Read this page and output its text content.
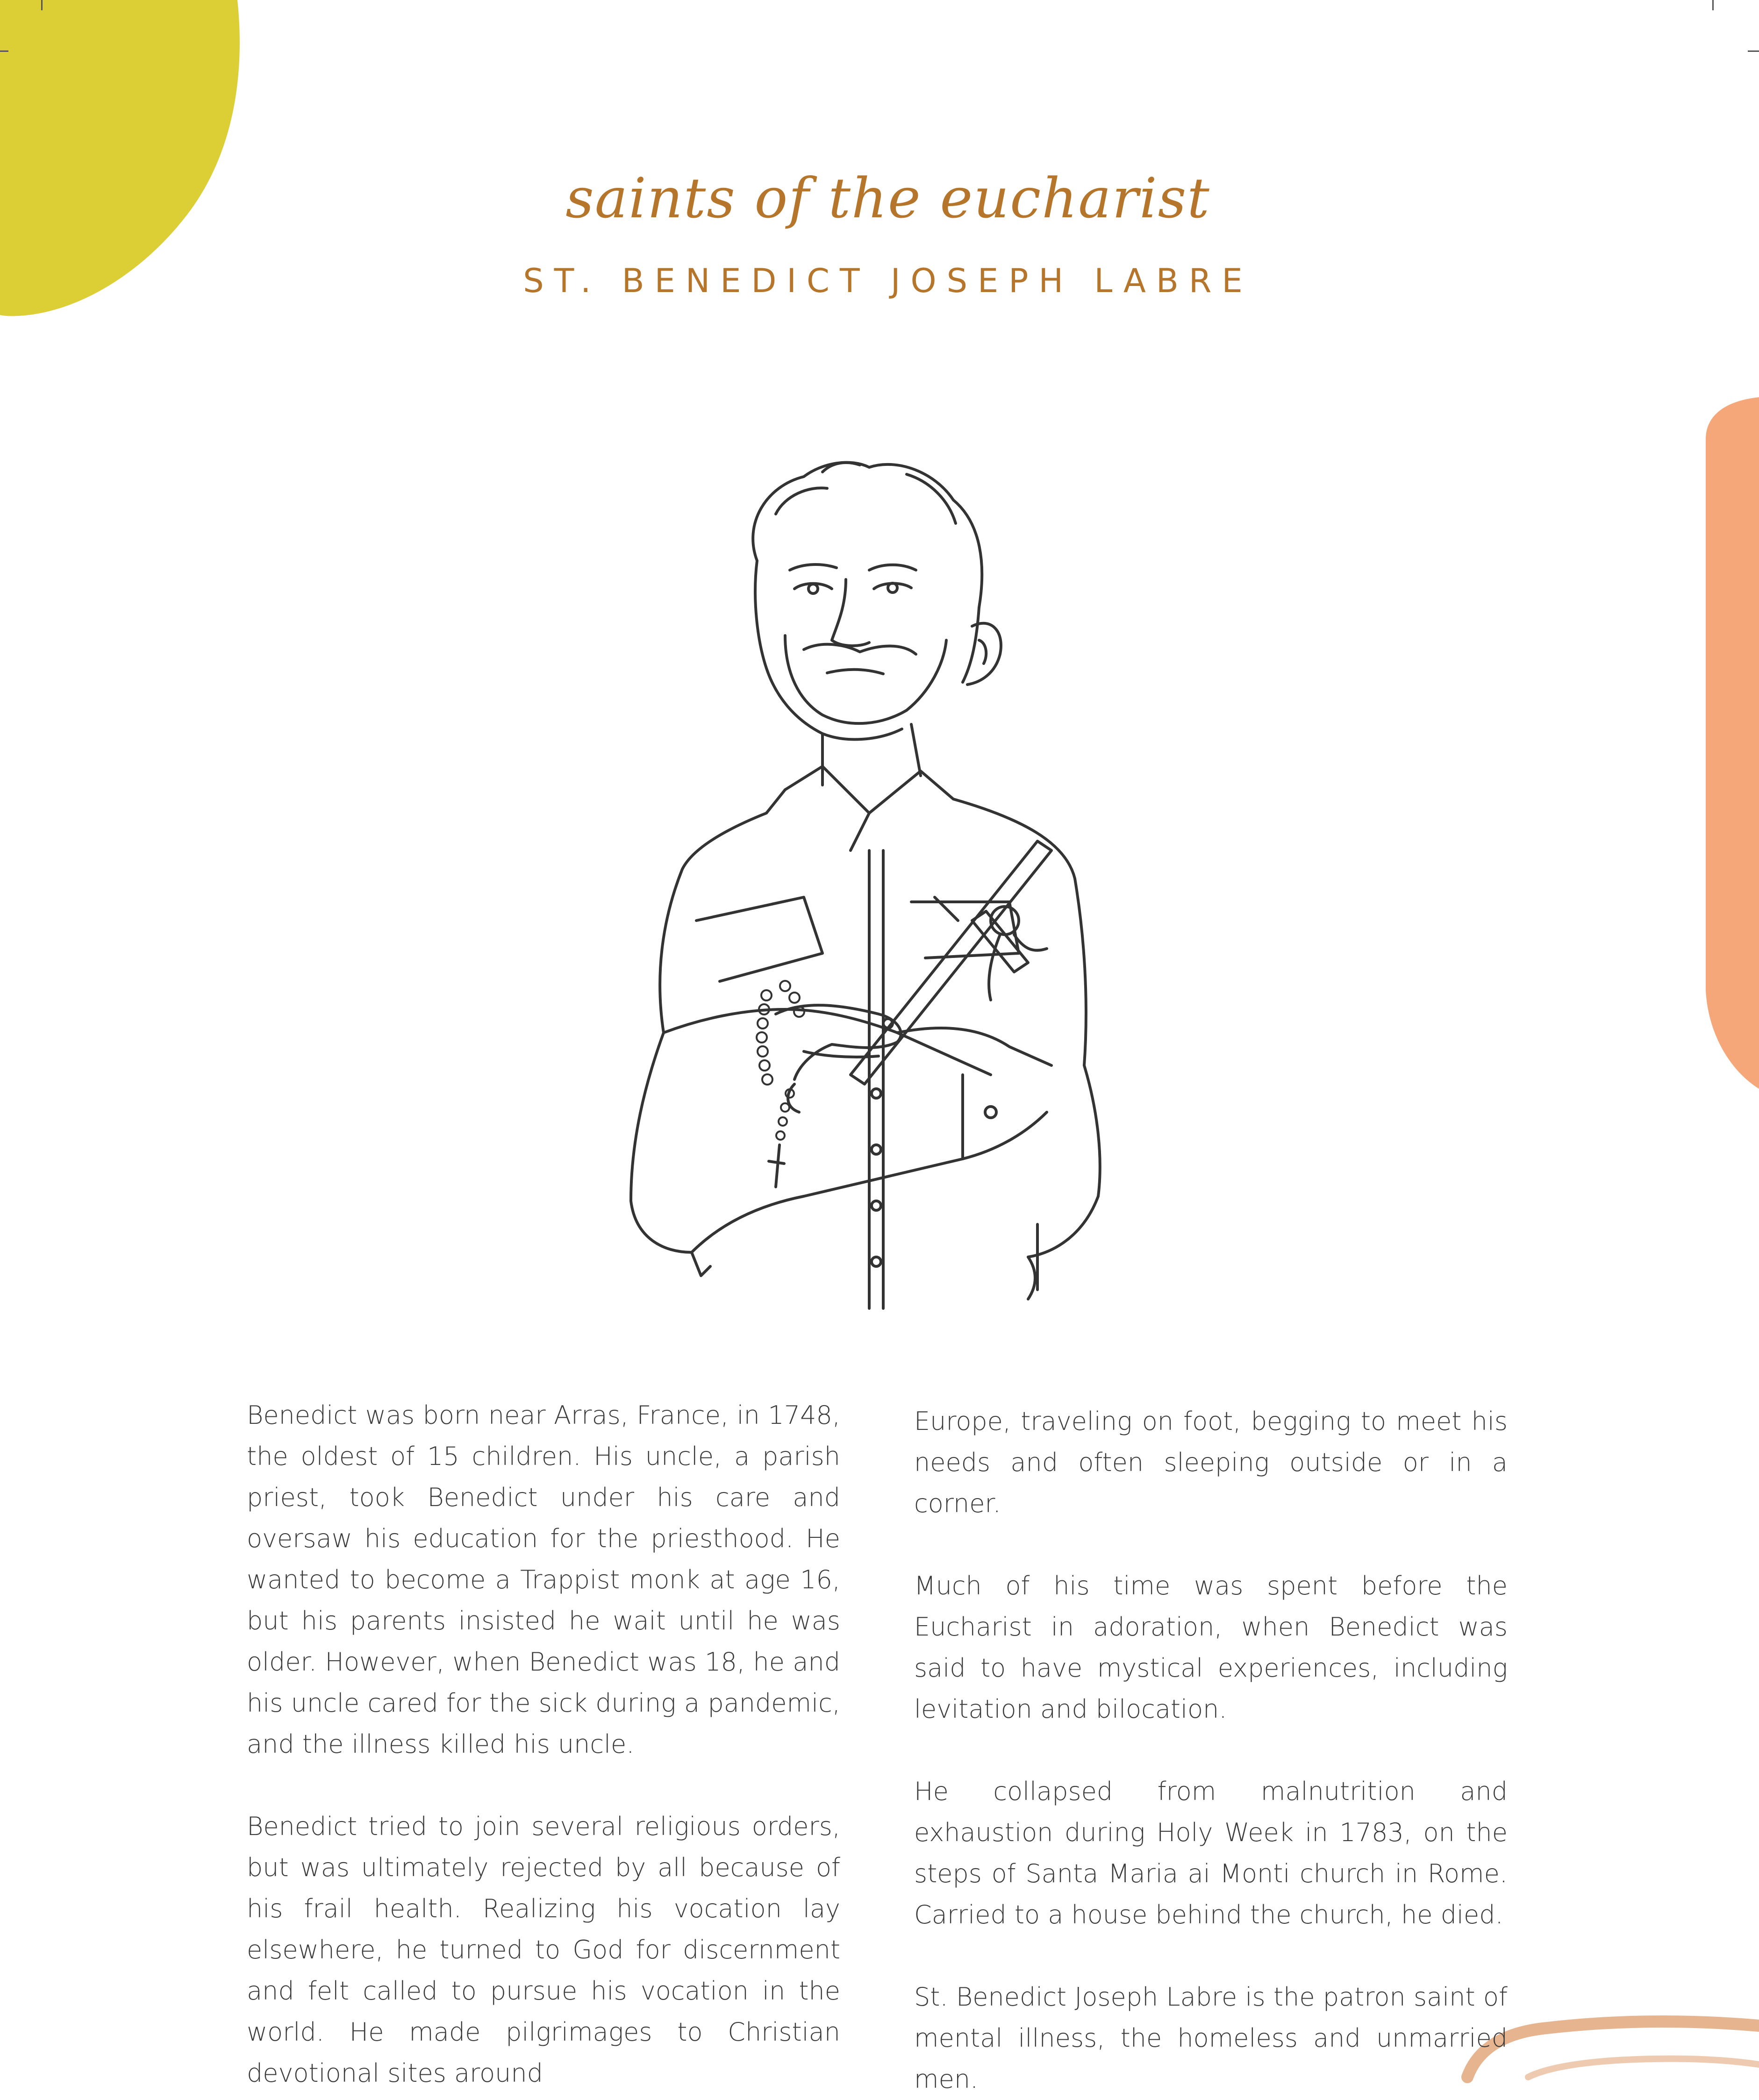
saints of the eucharist
ST. BENEDICT JOSEPH LABRE

Benedict was born near Arras, France, in 1748, the oldest of 15 children. His uncle, a parish priest, took Benedict under his care and oversaw his education for the priesthood. He wanted to become a Trappist monk at age 16, but his parents insisted he wait until he was older. However, when Benedict was 18, he and his uncle cared for the sick during a pandemic, and the illness killed his uncle.

Benedict tried to join several religious orders, but was ultimately rejected by all because of his frail health. Realizing his vocation lay elsewhere, he turned to God for discernment and felt called to pursue his vocation in the world. He made pilgrimages to Christian devotional sites around

Europe, traveling on foot, begging to meet his needs and often sleeping outside or in a corner.

Much of his time was spent before the Eucharist in adoration, when Benedict was said to have mystical experiences, including levitation and bilocation.

He collapsed from malnutrition and exhaustion during Holy Week in 1783, on the steps of Santa Maria ai Monti church in Rome. Carried to a house behind the church, he died.

St. Benedict Joseph Labre is the patron saint of mental illness, the homeless and unmarried men.
